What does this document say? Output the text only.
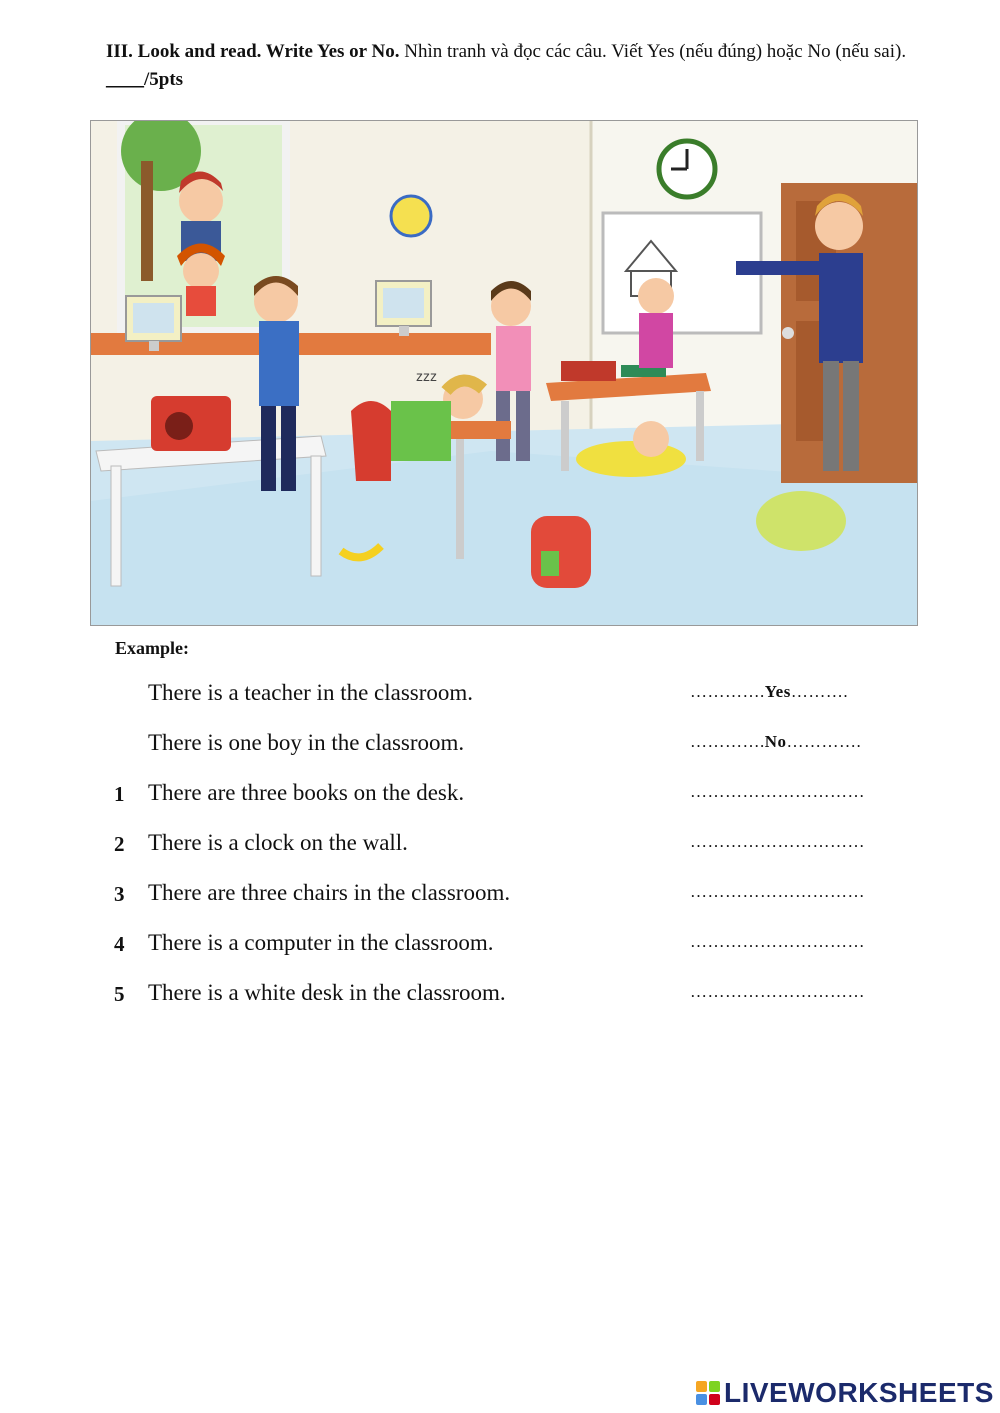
III. Look and read. Write Yes or No. Nhìn tranh và đọc các câu. Viết Yes (nếu đúng) hoặc No (nếu sai). ____/5pts
zzz
Example:
There is a teacher in the classroom.	………….Yes……….
There is one boy in the classroom.	………….No………….
1 There are three books on the desk.	…………………………
2 There is a clock on the wall.	…………………………
3 There are three chairs in the classroom.	…………………………
4 There is a computer in the classroom.	…………………………
5 There is a white desk in the classroom.	…………………………
LIVEWORKSHEETS
